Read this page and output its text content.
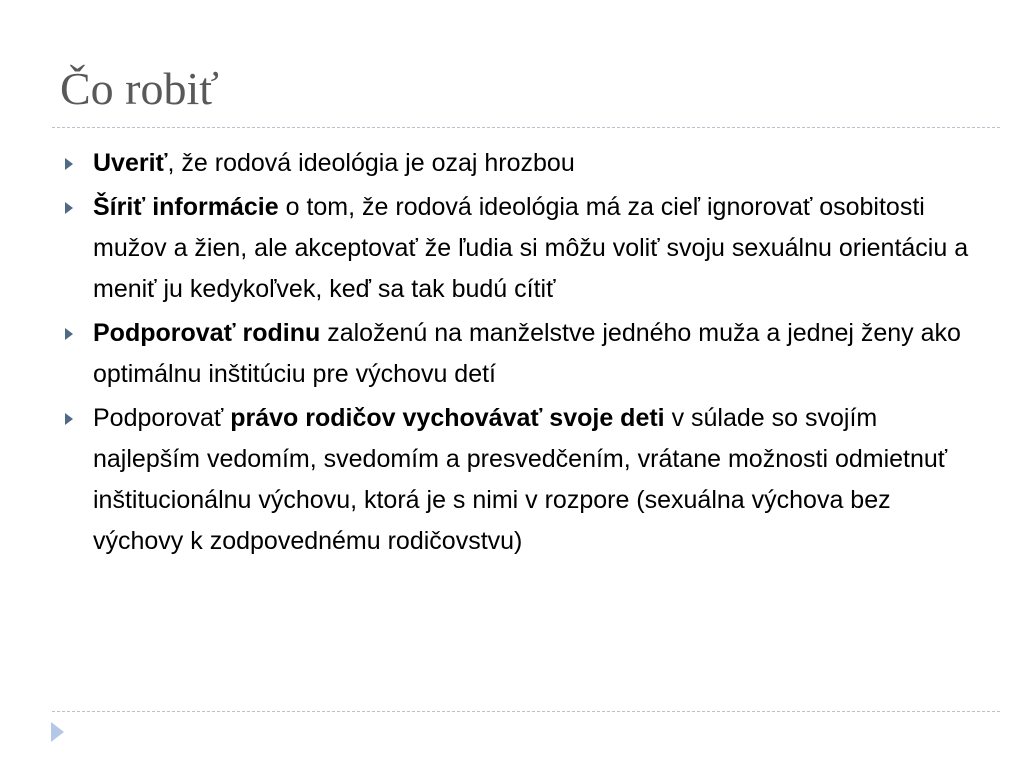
Čo robiť
Uveriť, že rodová ideológia je ozaj hrozbou
Šíriť informácie o tom, že rodová ideológia má za cieľ ignorovať osobitosti mužov a žien, ale akceptovať že ľudia si môžu voliť svoju sexuálnu orientáciu a meniť ju kedykoľvek, keď sa tak budú cítiť
Podporovať rodinu založenú na manželstve jedného muža a jednej ženy ako optimálnu inštitúciu pre výchovu detí
Podporovať právo rodičov vychovávať svoje deti v súlade so svojím najlepším vedomím, svedomím a presvedčením, vrátane možnosti odmietnuť inštitucionálnu výchovu, ktorá je s nimi v rozpore (sexuálna výchova bez výchovy k zodpovednému rodičovstvu)
